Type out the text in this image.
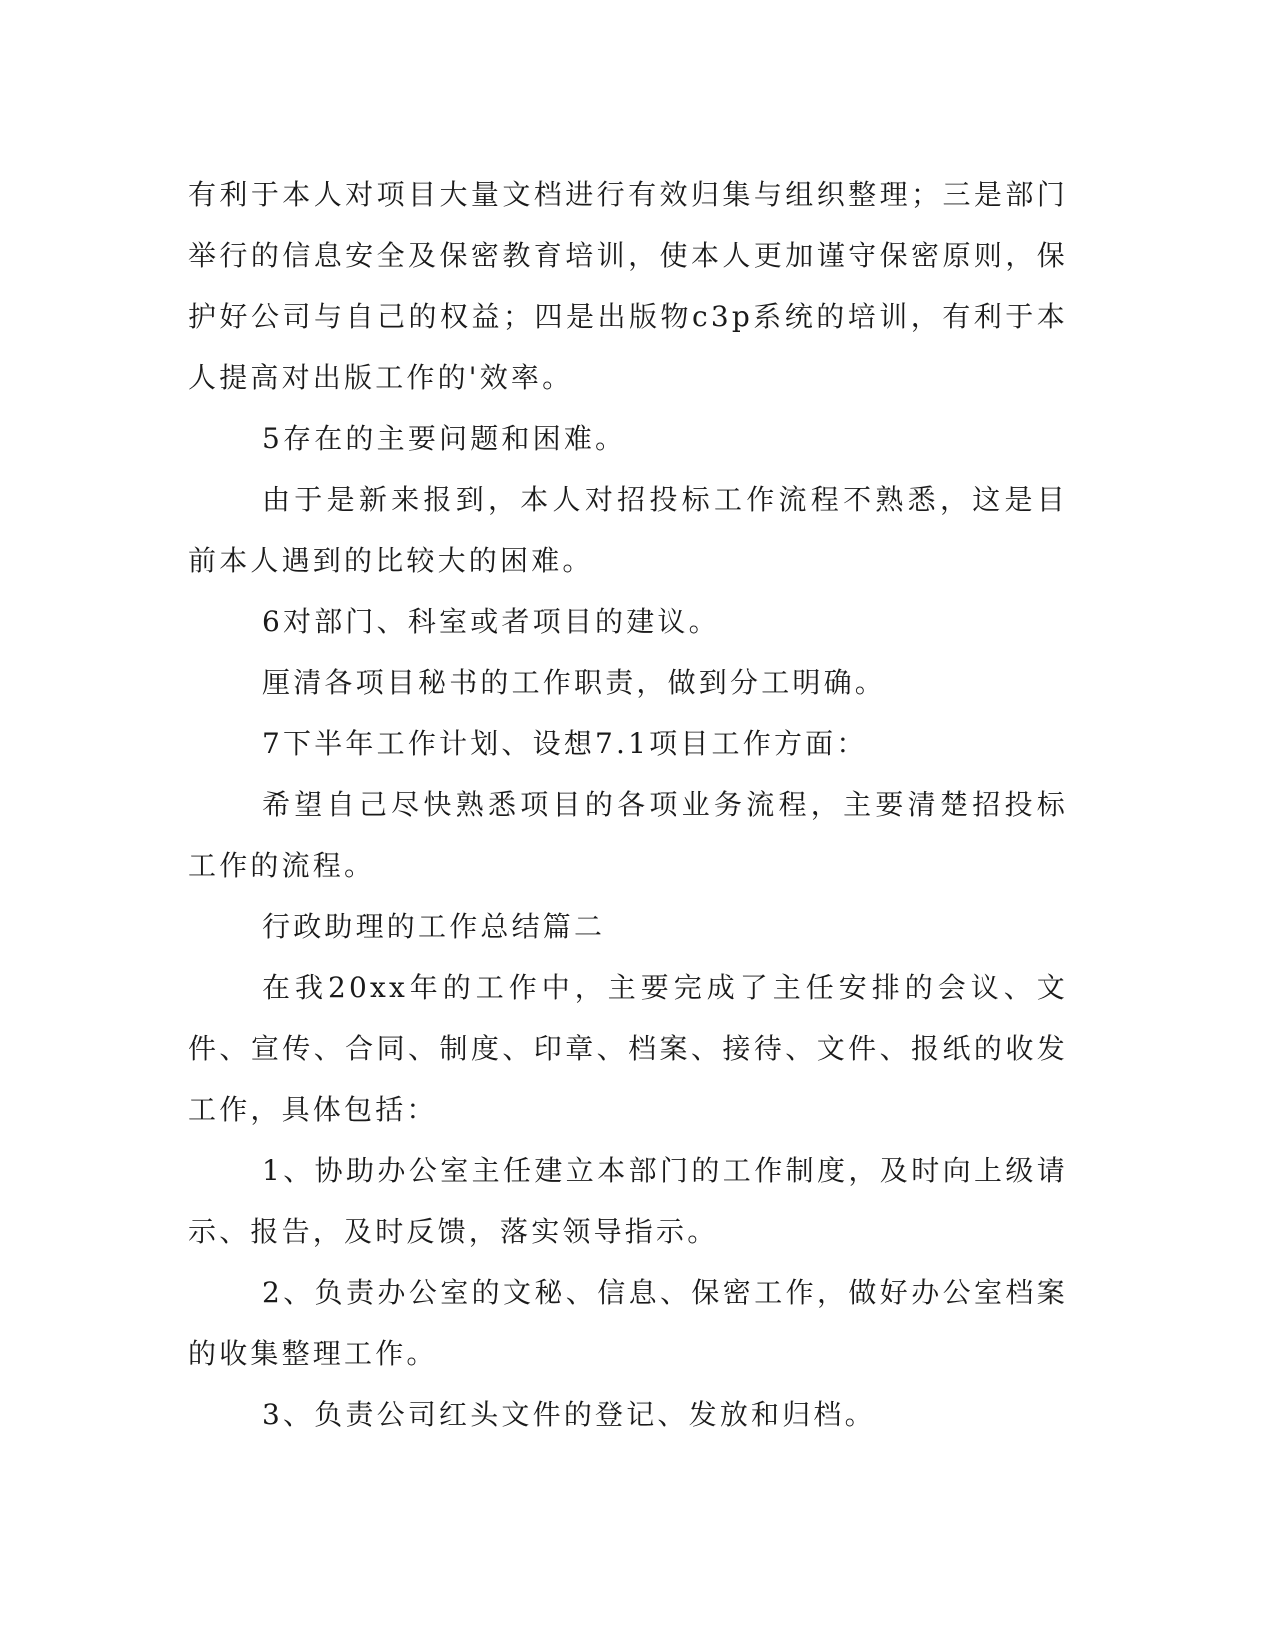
有利于本人对项目大量文档进行有效归集与组织整理；三是部门举行的信息安全及保密教育培训，使本人更加谨守保密原则，保护好公司与自己的权益；四是出版物c3p系统的培训，有利于本人提高对出版工作的'效率。

5存在的主要问题和困难。

由于是新来报到，本人对招投标工作流程不熟悉，这是目前本人遇到的比较大的困难。

6对部门、科室或者项目的建议。

厘清各项目秘书的工作职责，做到分工明确。

7下半年工作计划、设想7.1项目工作方面：

希望自己尽快熟悉项目的各项业务流程，主要清楚招投标工作的流程。

行政助理的工作总结篇二

在我20xx年的工作中，主要完成了主任安排的会议、文件、宣传、合同、制度、印章、档案、接待、文件、报纸的收发工作，具体包括：

1、协助办公室主任建立本部门的工作制度，及时向上级请示、报告，及时反馈，落实领导指示。

2、负责办公室的文秘、信息、保密工作，做好办公室档案的收集整理工作。

3、负责公司红头文件的登记、发放和归档。
